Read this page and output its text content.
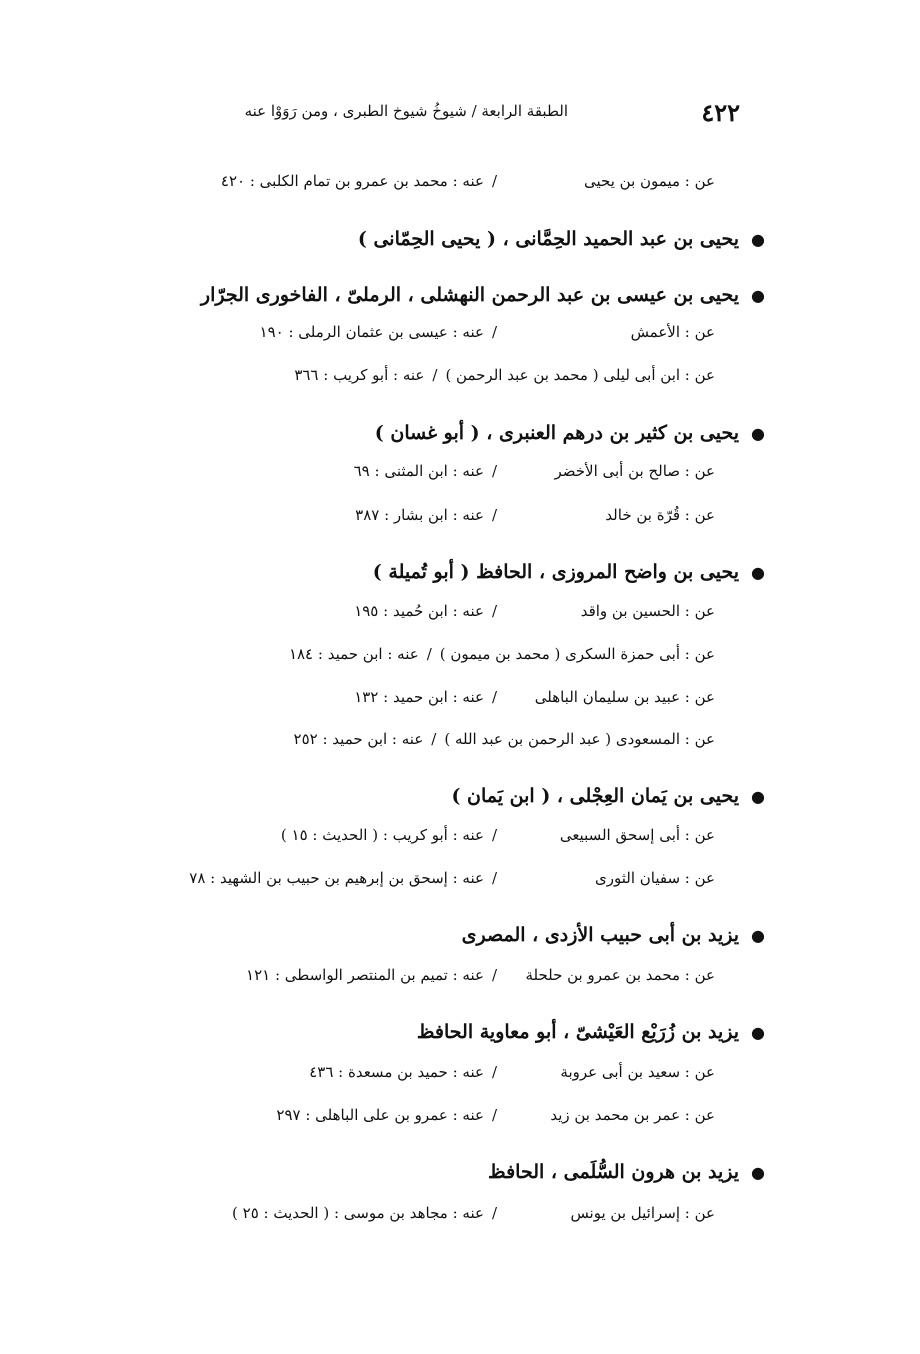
٤٢٢
الطبقة الرابعة / شيوخُ شيوخ الطبرى ، ومن رَوَوْا عنه
عن : ميمون بن يحيى/عنه : محمد بن عمرو بن تمام الكلبى : ٤٢٠
●يحيى بن عبد الحميد الحِمَّانى ، ( يحيى الحِمّانى )
●يحيى بن عيسى بن عبد الرحمن النهشلى ، الرملىّ ، الفاخورى الجرّار
عن : الأعمش/عنه : عيسى بن عثمان الرملى : ١٩٠
عن : ابن أبى ليلى ( محمد بن عبد الرحمن )/عنه : أبو كريب : ٣٦٦
●يحيى بن كثير بن درهم العنبرى ، ( أبو غسان )
عن : صالح بن أبى الأخضر/عنه : ابن المثنى : ٦٩
عن : قُرّة بن خالد/عنه : ابن بشار : ٣٨٧
●يحيى بن واضح المروزى ، الحافظ ( أبو تُميلة )
عن : الحسين بن واقد/عنه : ابن حُميد : ١٩٥
عن : أبى حمزة السكرى ( محمد بن ميمون )/عنه : ابن حميد : ١٨٤
عن : عبيد بن سليمان الباهلى/عنه : ابن حميد : ١٣٢
عن : المسعودى ( عبد الرحمن بن عبد الله )/عنه : ابن حميد : ٢٥٢
●يحيى بن يَمان العِجْلى ، ( ابن يَمان )
عن : أبى إسحق السبيعى/عنه : أبو كريب : ( الحديث : ١٥ )
عن : سفيان الثورى/عنه : إسحق بن إبرهيم بن حبيب بن الشهيد : ٧٨
●يزيد بن أبى حبيب الأزدى ، المصرى
عن : محمد بن عمرو بن حلحلة/عنه : تميم بن المنتصر الواسطى : ١٢١
●يزيد بن زُرَيْع العَيْشىّ ، أبو معاوية الحافظ
عن : سعيد بن أبى عروبة/عنه : حميد بن مسعدة : ٤٣٦
عن : عمر بن محمد بن زيد/عنه : عمرو بن على الباهلى : ٢٩٧
●يزيد بن هرون السُّلَمى ، الحافظ
عن : إسرائيل بن يونس/عنه : مجاهد بن موسى : ( الحديث : ٢٥ )
